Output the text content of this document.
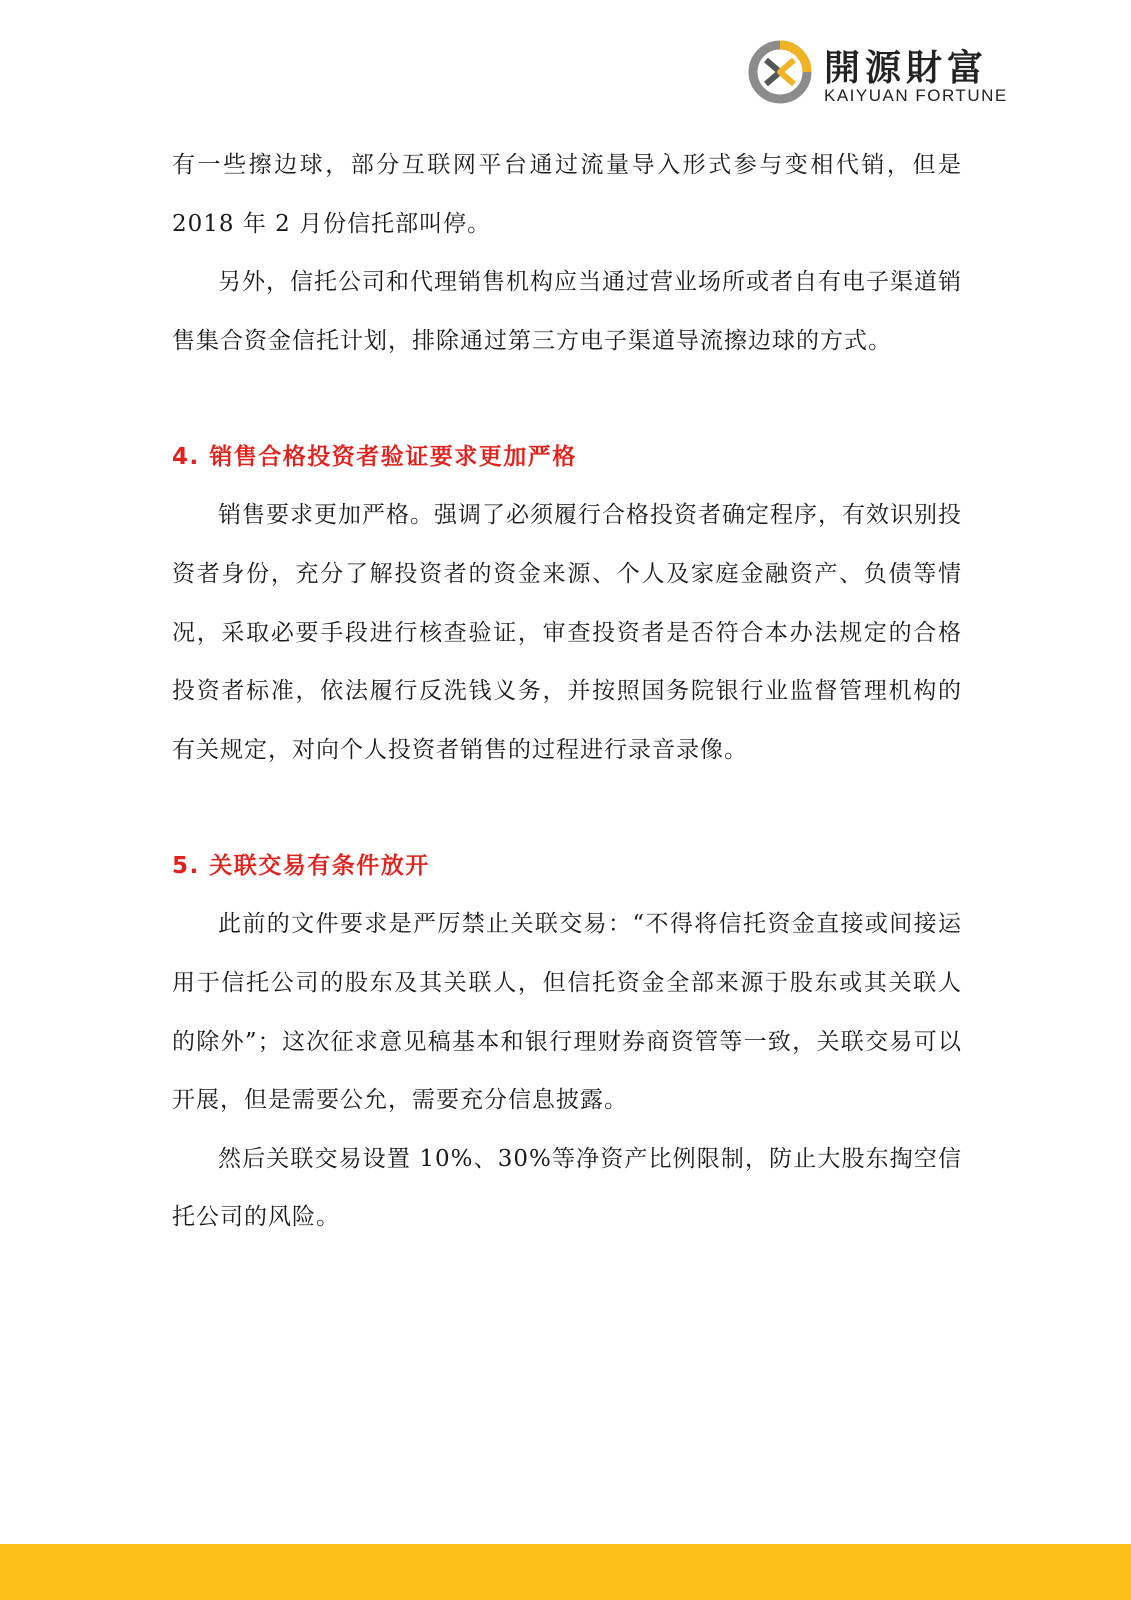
開源財富
KAIYUAN FORTUNE

有一些擦边球，部分互联网平台通过流量导入形式参与变相代销，但是 2018 年 2 月份信托部叫停。

另外，信托公司和代理销售机构应当通过营业场所或者自有电子渠道销售集合资金信托计划，排除通过第三方电子渠道导流擦边球的方式。

4. 销售合格投资者验证要求更加严格

销售要求更加严格。强调了必须履行合格投资者确定程序，有效识别投资者身份，充分了解投资者的资金来源、个人及家庭金融资产、负债等情况，采取必要手段进行核查验证，审查投资者是否符合本办法规定的合格投资者标准，依法履行反洗钱义务，并按照国务院银行业监督管理机构的有关规定，对向个人投资者销售的过程进行录音录像。

5. 关联交易有条件放开

此前的文件要求是严厉禁止关联交易：“不得将信托资金直接或间接运用于信托公司的股东及其关联人，但信托资金全部来源于股东或其关联人的除外”；这次征求意见稿基本和银行理财券商资管等一致，关联交易可以开展，但是需要公允，需要充分信息披露。

然后关联交易设置 10%、30%等净资产比例限制，防止大股东掏空信托公司的风险。
